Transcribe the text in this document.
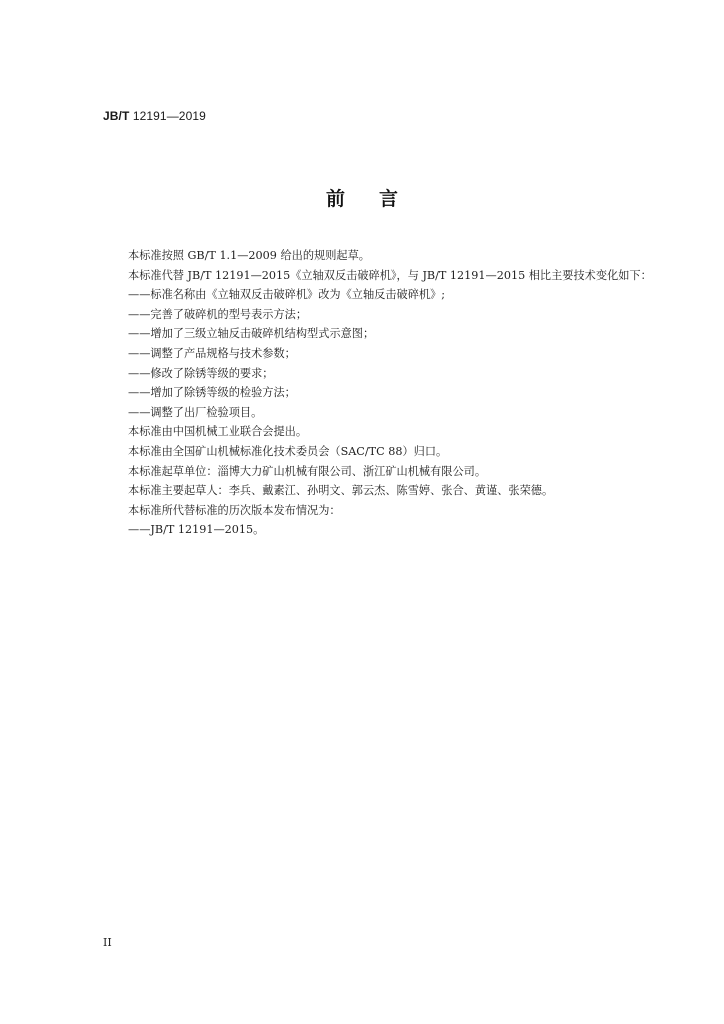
JB/T 12191—2019
前 言
本标准按照 GB/T 1.1—2009 给出的规则起草。
本标准代替 JB/T 12191—2015《立轴双反击破碎机》，与 JB/T 12191—2015 相比主要技术变化如下：
——标准名称由《立轴双反击破碎机》改为《立轴反击破碎机》;
——完善了破碎机的型号表示方法；
——增加了三级立轴反击破碎机结构型式示意图；
——调整了产品规格与技术参数；
——修改了除锈等级的要求；
——增加了除锈等级的检验方法；
——调整了出厂检验项目。
本标准由中国机械工业联合会提出。
本标准由全国矿山机械标准化技术委员会（SAC/TC 88）归口。
本标准起草单位：淄博大力矿山机械有限公司、浙江矿山机械有限公司。
本标准主要起草人：李兵、戴素江、孙明文、郭云杰、陈雪婷、张合、黄谨、张荣德。
本标准所代替标准的历次版本发布情况为：
——JB/T 12191—2015。
II
